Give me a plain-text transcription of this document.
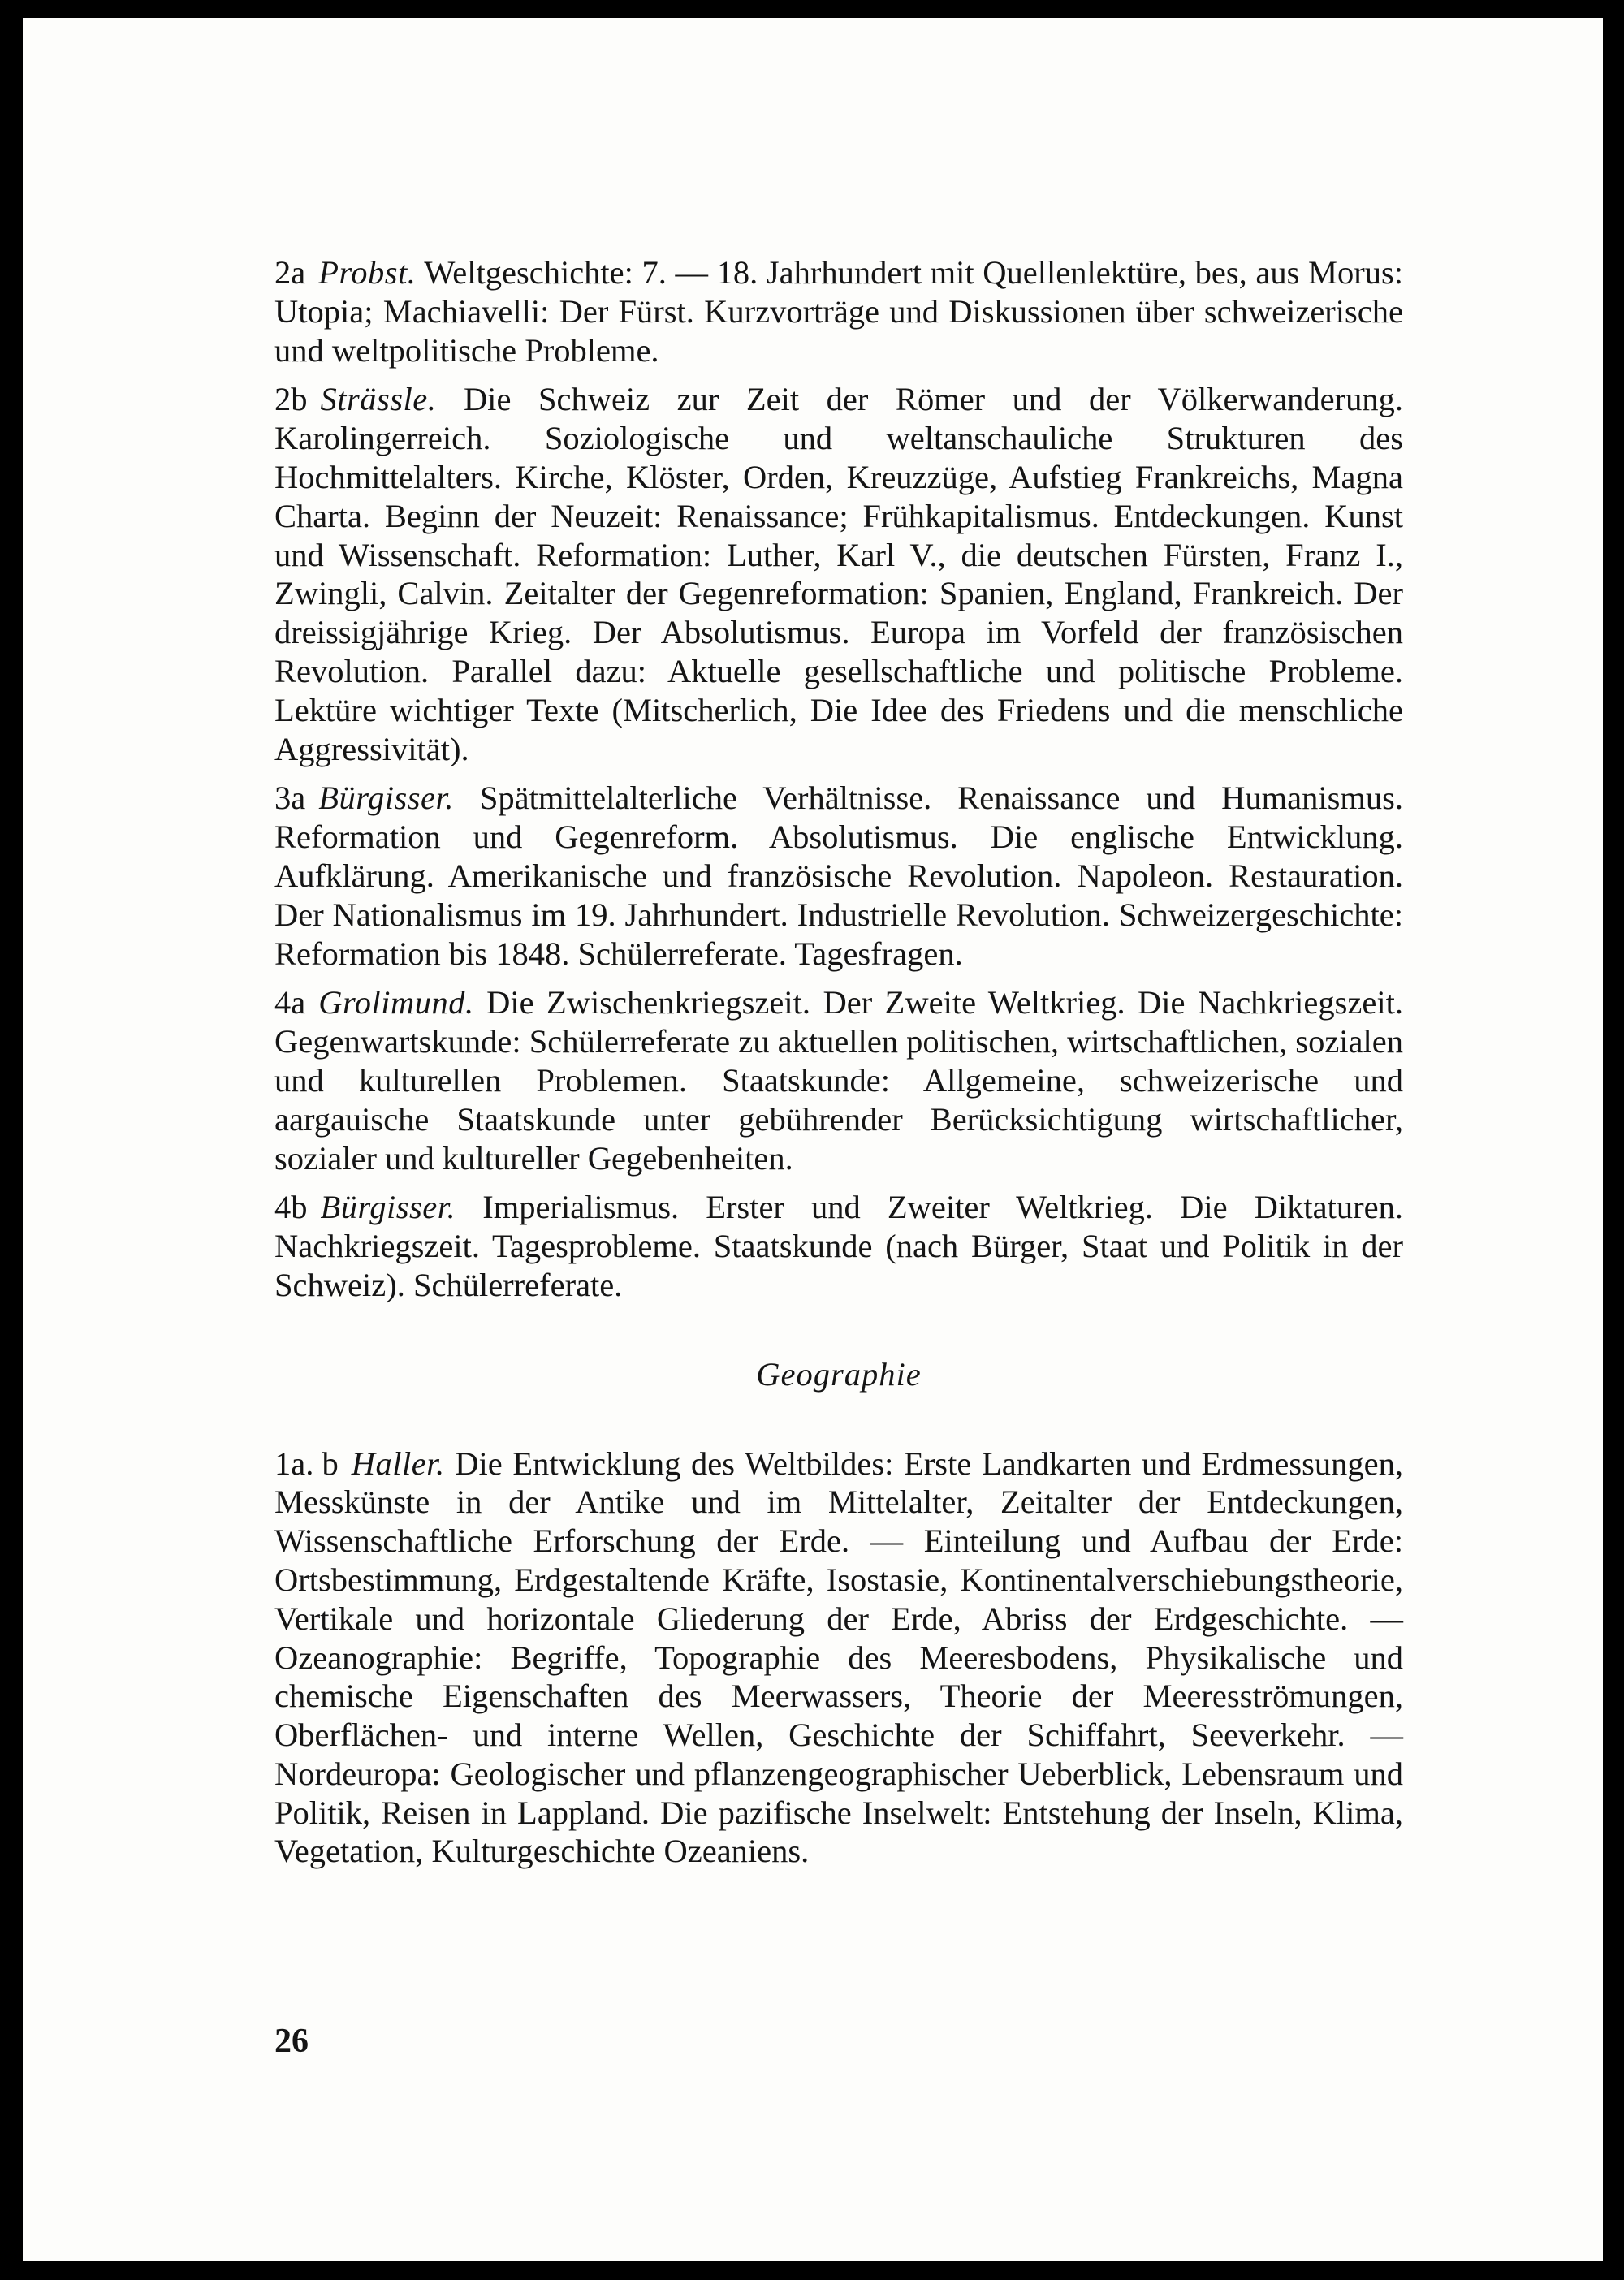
2a Probst. Weltgeschichte: 7. — 18. Jahrhundert mit Quellenlektüre, bes, aus Morus: Utopia; Machiavelli: Der Fürst. Kurzvorträge und Diskussionen über schweizerische und weltpolitische Probleme.

2b Strässle. Die Schweiz zur Zeit der Römer und der Völkerwanderung. Karolingerreich. Soziologische und weltanschauliche Strukturen des Hochmittelalters. Kirche, Klöster, Orden, Kreuzzüge, Aufstieg Frankreichs, Magna Charta. Beginn der Neuzeit: Renaissance; Frühkapitalismus. Entdeckungen. Kunst und Wissenschaft. Reformation: Luther, Karl V., die deutschen Fürsten, Franz I., Zwingli, Calvin. Zeitalter der Gegenreformation: Spanien, England, Frankreich. Der dreissigjährige Krieg. Der Absolutismus. Europa im Vorfeld der französischen Revolution. Parallel dazu: Aktuelle gesellschaftliche und politische Probleme. Lektüre wichtiger Texte (Mitscherlich, Die Idee des Friedens und die menschliche Aggressivität).

3a Bürgisser. Spätmittelalterliche Verhältnisse. Renaissance und Humanismus. Reformation und Gegenreform. Absolutismus. Die englische Entwicklung. Aufklärung. Amerikanische und französische Revolution. Napoleon. Restauration. Der Nationalismus im 19. Jahrhundert. Industrielle Revolution. Schweizergeschichte: Reformation bis 1848. Schülerreferate. Tagesfragen.

4a Grolimund. Die Zwischenkriegszeit. Der Zweite Weltkrieg. Die Nachkriegszeit. Gegenwartskunde: Schülerreferate zu aktuellen politischen, wirtschaftlichen, sozialen und kulturellen Problemen. Staatskunde: Allgemeine, schweizerische und aargauische Staatskunde unter gebührender Berücksichtigung wirtschaftlicher, sozialer und kultureller Gegebenheiten.

4b Bürgisser. Imperialismus. Erster und Zweiter Weltkrieg. Die Diktaturen. Nachkriegszeit. Tagesprobleme. Staatskunde (nach Bürger, Staat und Politik in der Schweiz). Schülerreferate.

Geographie

1a. b Haller. Die Entwicklung des Weltbildes: Erste Landkarten und Erdmessungen, Messkünste in der Antike und im Mittelalter, Zeitalter der Entdeckungen, Wissenschaftliche Erforschung der Erde. — Einteilung und Aufbau der Erde: Ortsbestimmung, Erdgestaltende Kräfte, Isostasie, Kontinentalverschiebungstheorie, Vertikale und horizontale Gliederung der Erde, Abriss der Erdgeschichte. — Ozeanographie: Begriffe, Topographie des Meeresbodens, Physikalische und chemische Eigenschaften des Meerwassers, Theorie der Meeresströmungen, Oberflächen- und interne Wellen, Geschichte der Schiffahrt, Seeverkehr. — Nordeuropa: Geologischer und pflanzengeographischer Ueberblick, Lebensraum und Politik, Reisen in Lappland. Die pazifische Inselwelt: Entstehung der Inseln, Klima, Vegetation, Kulturgeschichte Ozeaniens.

26
